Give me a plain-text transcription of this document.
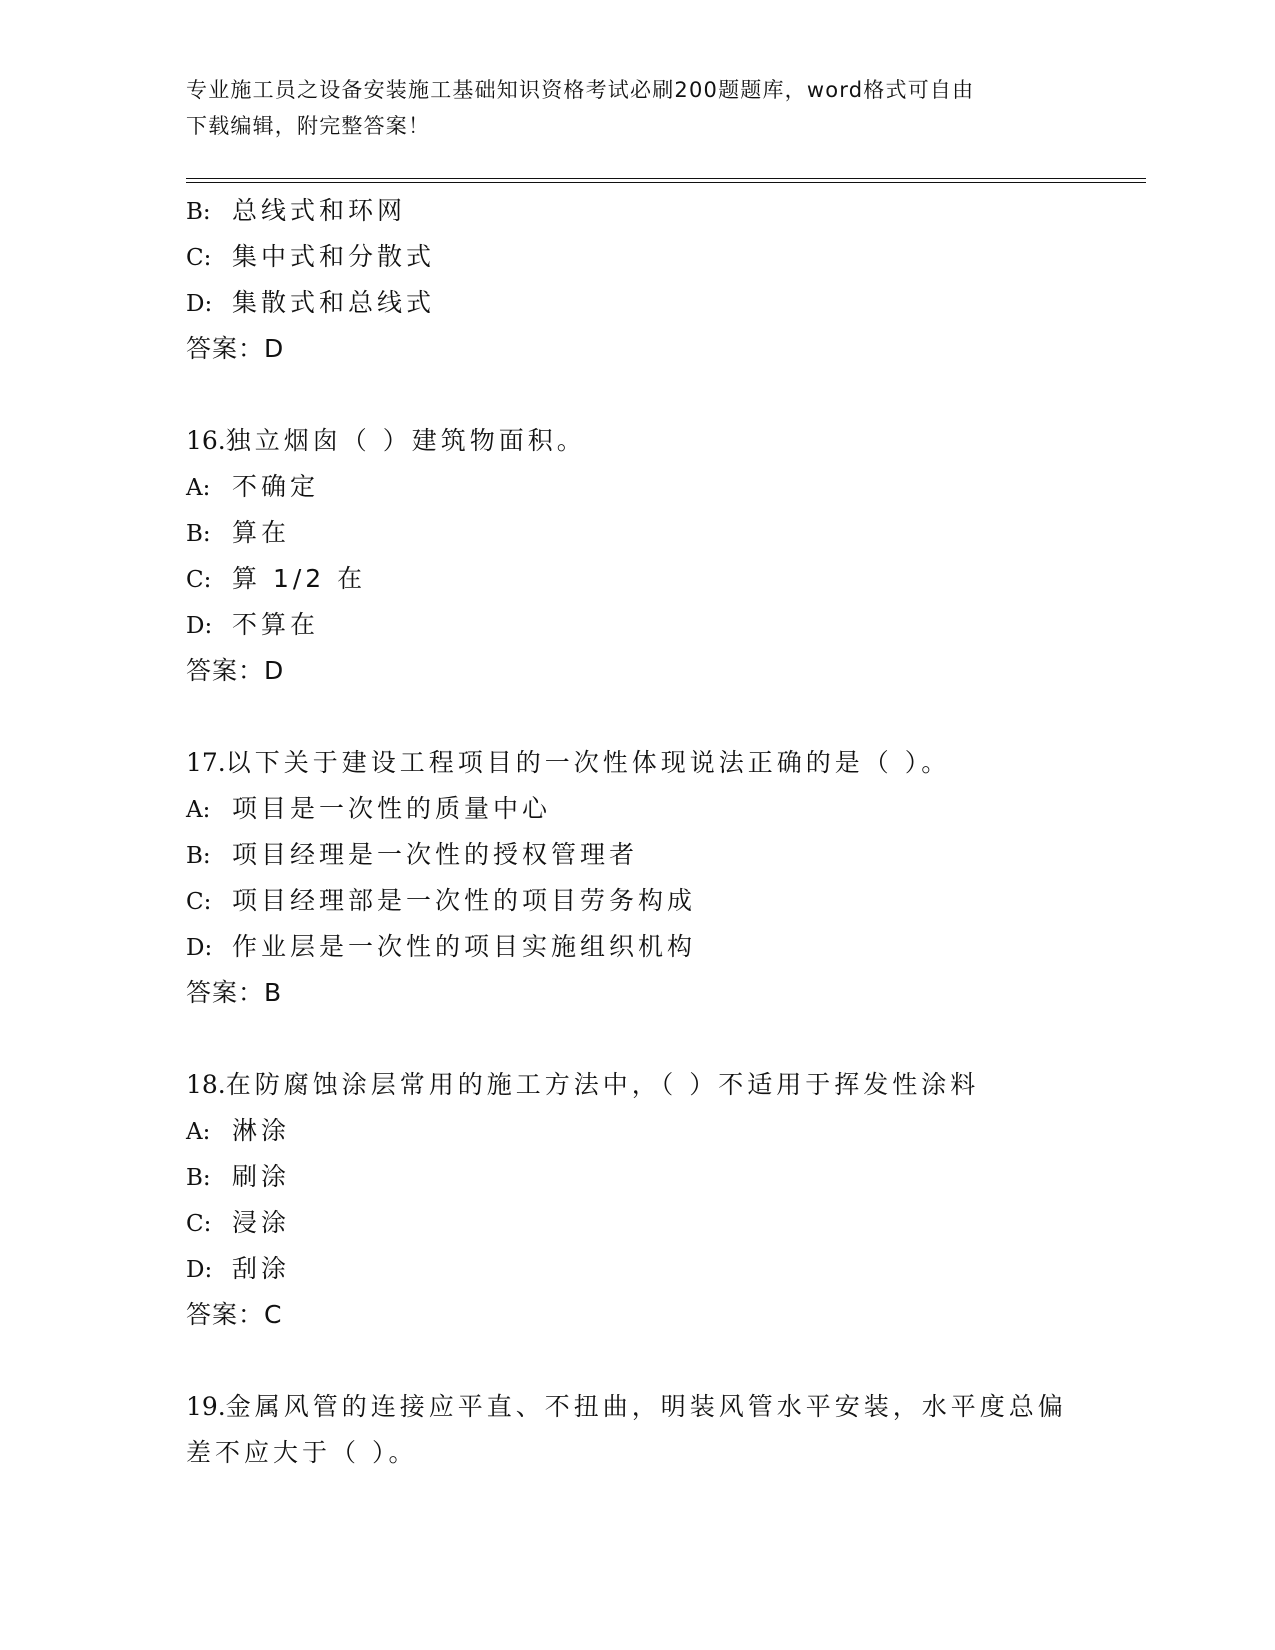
专业施工员之设备安装施工基础知识资格考试必刷200题题库，word格式可自由
下载编辑，附完整答案！
B: 总线式和环网
C: 集中式和分散式
D: 集散式和总线式
答案：D
16.独立烟囱（ ）建筑物面积。
A: 不确定
B: 算在
C: 算 1/2 在
D: 不算在
答案：D
17.以下关于建设工程项目的一次性体现说法正确的是（ ）。
A: 项目是一次性的质量中心
B: 项目经理是一次性的授权管理者
C: 项目经理部是一次性的项目劳务构成
D: 作业层是一次性的项目实施组织机构
答案：B
18.在防腐蚀涂层常用的施工方法中，（ ）不适用于挥发性涂料
A: 淋涂
B: 刷涂
C: 浸涂
D: 刮涂
答案：C
19.金属风管的连接应平直、不扭曲，明装风管水平安装，水平度总偏
差不应大于（ ）。
